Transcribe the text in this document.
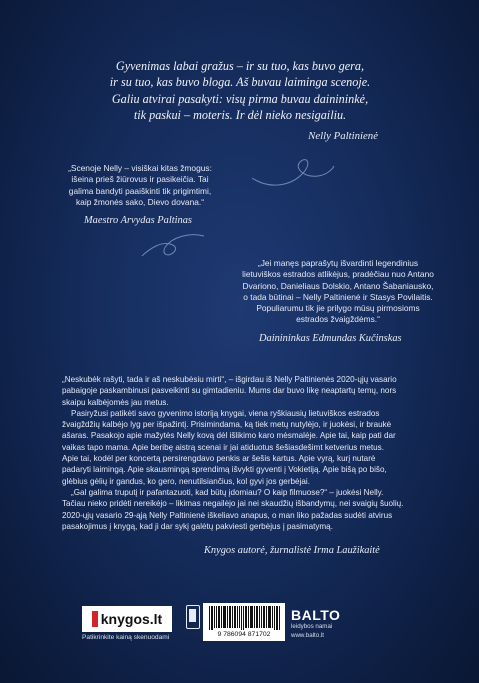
Gyvenimas labai gražus – ir su tuo, kas buvo gera,
ir su tuo, kas buvo bloga. Aš buvau laiminga scenoje.
Galiu atvirai pasakyti: visų pirma buvau dainininkė,
tik paskui – moteris. Ir dėl nieko nesigailiu.
Nelly Paltinienė
„Scenoje Nelly – visiškai kitas žmogus:
išeina prieš žiūrovus ir pasikeičia. Tai
galima bandyti paaiškinti tik prigimtimi,
kaip žmonės sako, Dievo dovana.“
Maestro Arvydas Paltinas
„Jei manęs paprašytų išvardinti legendinius
lietuviškos estrados atlikėjus, pradėčiau nuo Antano
Dvariono, Danieliaus Dolskio, Antano Šabaniausko,
o tada būtinai – Nelly Paltinienė ir Stasys Povilaitis.
Populiarumu tik jie prilygo mūsų pirmosioms
estrados žvaigždėms.“
Dainininkas Edmundas Kučinskas
„Neskubėk rašyti, tada ir aš neskubėsiu mirti“, – išgirdau iš Nelly Paltinienės 2020-ųjų vasario
pabaigoje paskambinusi pasveikinti su gimtadieniu. Mums dar buvo likę neaptartų temų, nors
skaipu kalbėjomės jau metus.
Pasiryžusi patikėti savo gyvenimo istoriją knygai, viena ryškiausių lietuviškos estrados
žvaigždžių kalbėjo lyg per išpažintį. Prisimindama, ką tiek metų nutylėjo, ir juokėsi, ir braukė
ašaras. Pasakojo apie mažytės Nelly kovą dėl išlikimo karo mėsmalėje. Apie tai, kaip pati dar
vaikas tapo mama. Apie beribę aistrą scenai ir jai atiduotus šešiasdešimt ketverius metus.
Apie tai, kodėl per koncertą persirengdavo penkis ar šešis kartus. Apie vyrą, kurį nutarė
padaryti laimingą. Apie skausmingą sprendimą išvykti gyventi į Vokietiją. Apie bišą po bišo,
glėbius gėlių ir gandus, ko gero, nenutilsiančius, kol gyvi jos gerbėjai.
„Gal galima truputį ir pafantazuoti, kad būtų įdomiau? O kaip filmuose?“ – juokėsi Nelly.
Tačiau nieko pridėti nereikėjo – likimas negailėjo jai nei skaudžių išbandymų, nei svaigių šuolių.
2020-ųjų vasario 29-ąją Nelly Paltinienė iškeliavo anapus, o man liko pažadas sudėti atvirus
pasakojimus į knygą, kad ji dar sykį galėtų pakviesti gerbėjus į pasimatymą.
Knygos autorė, žurnalistė Irma Laužikaitė
knygos.lt
Patikrinkite kainą skenuodami	9 786094 871702
BALTO
leidybos namai
www.balto.lt
